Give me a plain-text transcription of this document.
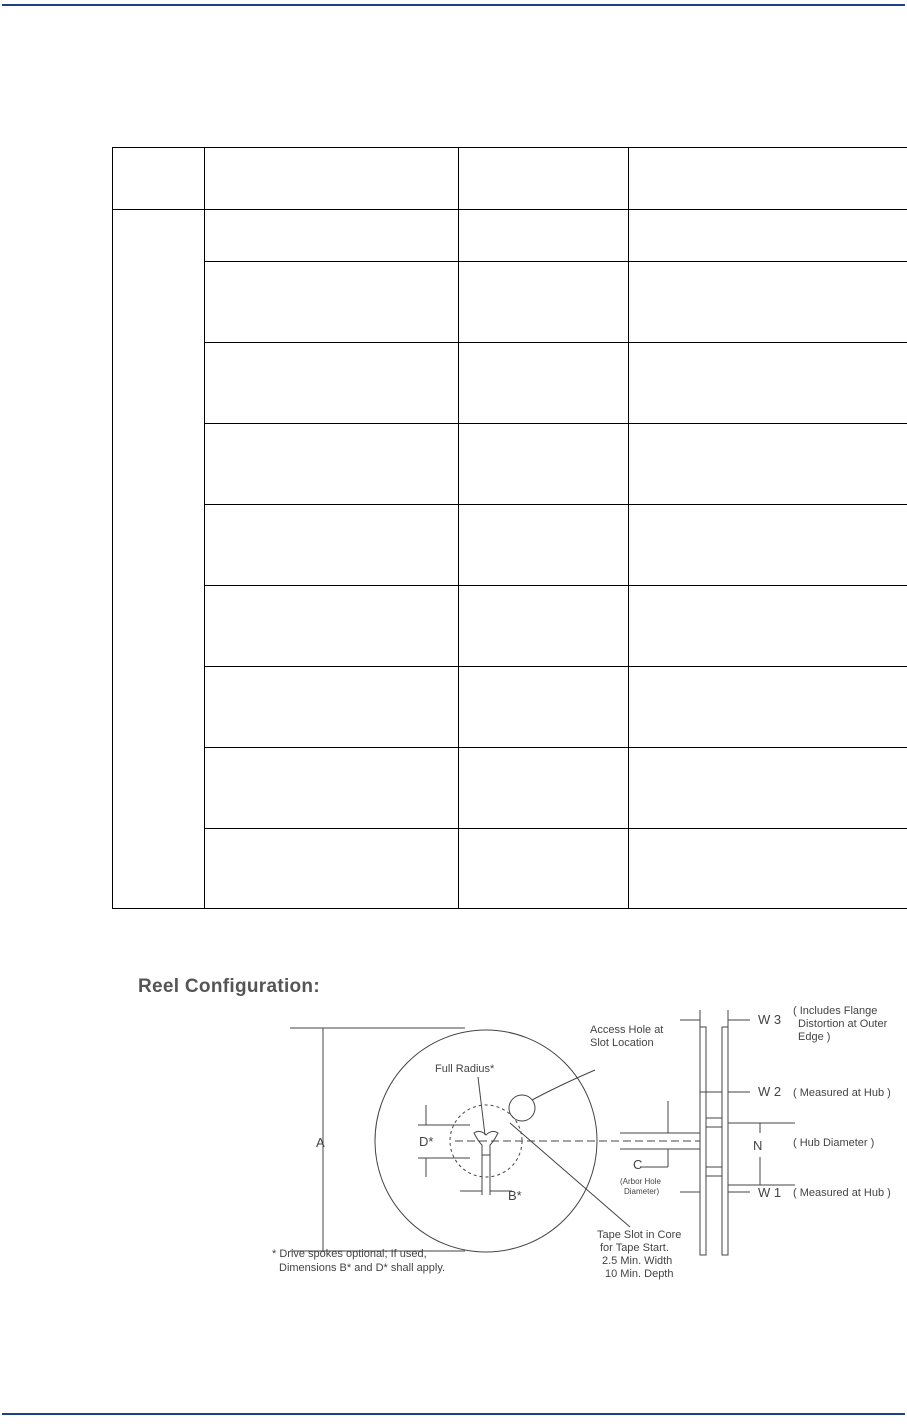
Reel Configuration:
Access Hole at Slot Location
Full Radius*
A	D*
B*
C
(Arbor Hole Diameter)
Tape Slot in Core for Tape Start. 2.5 Min. Width 10 Min. Depth
* Drive spokes optional; If used, Dimensions B* and D* shall apply.
W 3
( Includes Flange Distortion at Outer Edge )
W 2 ( Measured at Hub )
N	( Hub Diameter )
W 1 ( Measured at Hub )
